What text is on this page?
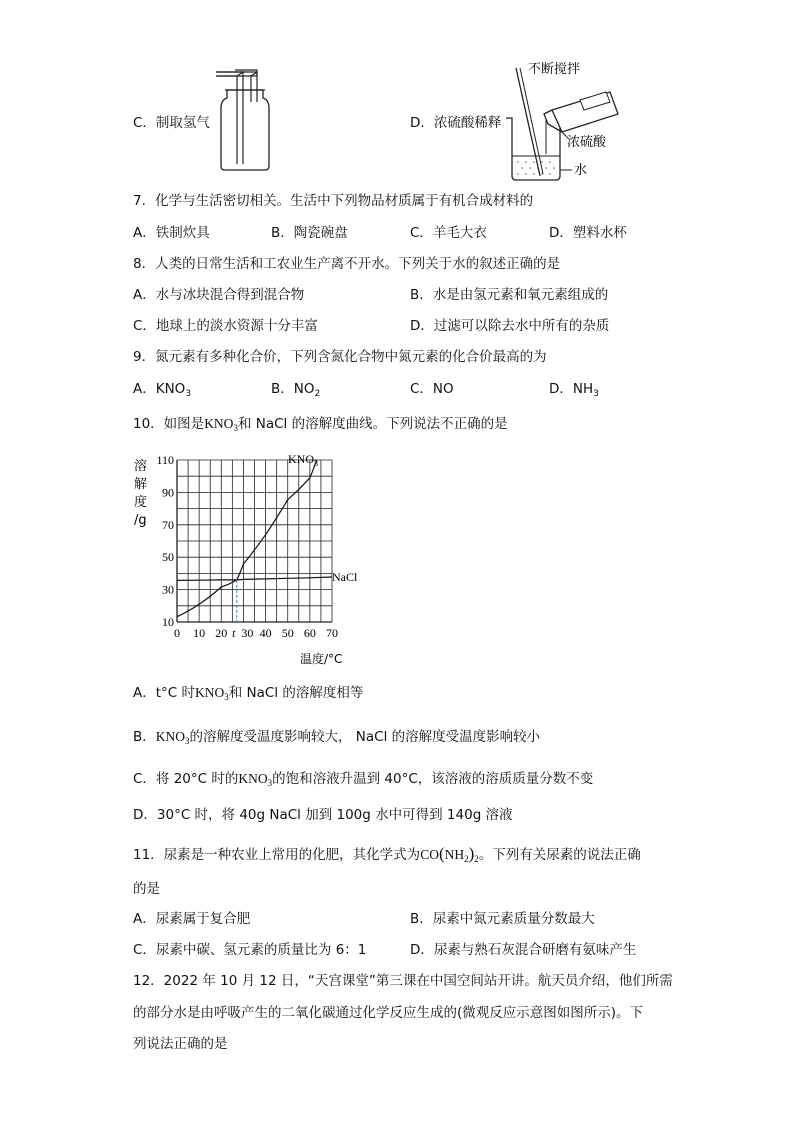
C．制取氢气	D．浓硫酸稀释
不断搅拌
浓硫酸
水
7．化学与生活密切相关。生活中下列物品材质属于有机合成材料的
A．铁制炊具	B．陶瓷碗盘	C．羊毛大衣	D．塑料水杯
8．人类的日常生活和工农业生产离不开水。下列关于水的叙述正确的是
A．水与冰块混合得到混合物	B．水是由氢元素和氧元素组成的
C．地球上的淡水资源十分丰富	D．过滤可以除去水中所有的杂质
9．氮元素有多种化合价，下列含氮化合物中氮元素的化合价最高的为
A．$KNO_3$	B．$NO_2$	C．NO	D．$NH_3$
10．如图是$KNO_3$和 NaCl 的溶解度曲线。下列说法不正确的是
溶
解
度
/g
0 10 20 t 30 40 50 60 70
10
30
50
70
90
110
温度/°C
$KNO_3$
NaCl
A．t°C 时$KNO_3$和 NaCl 的溶解度相等
B．$KNO_3$的溶解度受温度影响较大， NaCl 的溶解度受温度影响较小
C．将 20°C 时的$KNO_3$的饱和溶液升温到 40°C，该溶液的溶质质量分数不变
D．30°C 时，将 40g NaCl 加到 100g 水中可得到 140g 溶液
11．尿素是一种农业上常用的化肥，其化学式为$CO(NH_2)_2$。下列有关尿素的说法正确
的是
A．尿素属于复合肥	B．尿素中氮元素质量分数最大
C．尿素中碳、氢元素的质量比为 6：1	D．尿素与熟石灰混合研磨有氨味产生
12．2022 年 10 月 12 日，“天宫课堂”第三课在中国空间站开讲。航天员介绍，他们所需
的部分水是由呼吸产生的二氧化碳通过化学反应生成的(微观反应示意图如图所示)。下
列说法正确的是
